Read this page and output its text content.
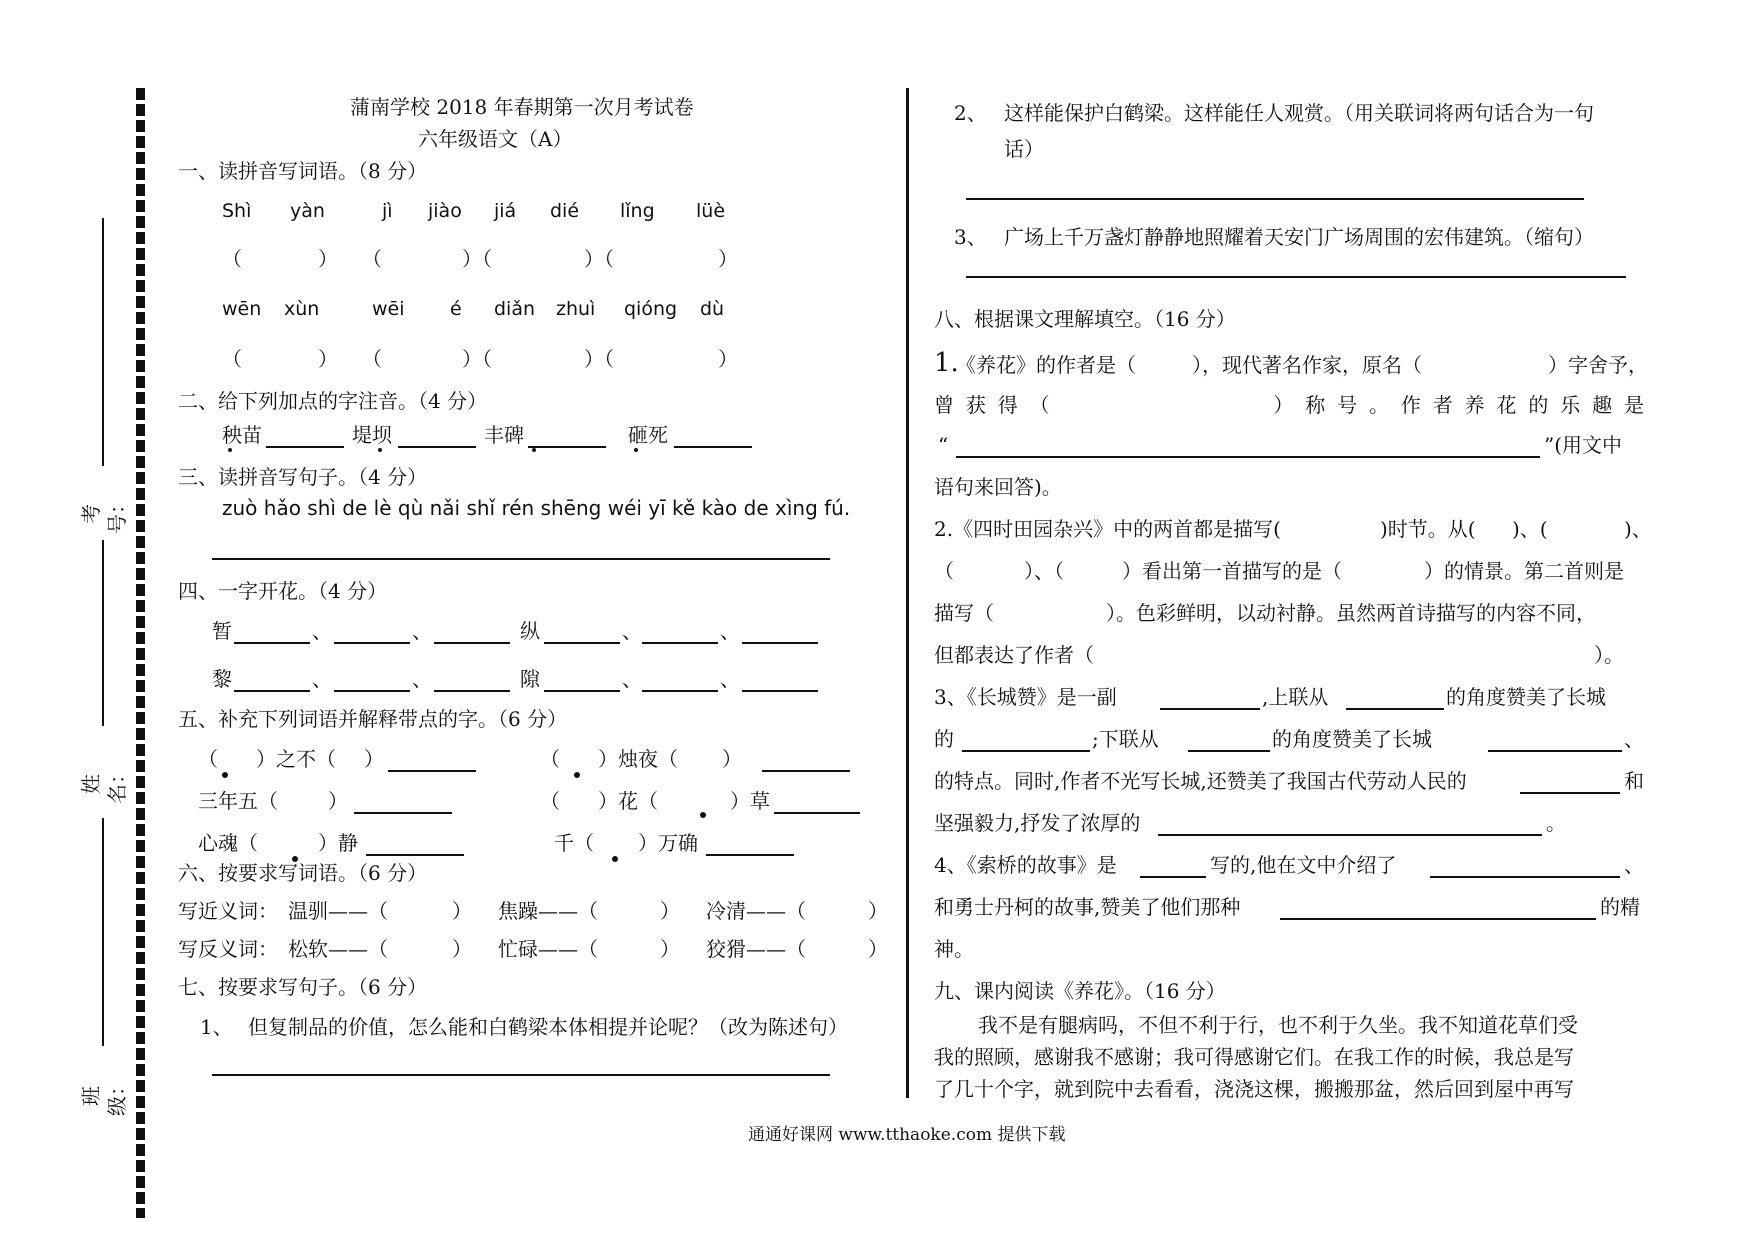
考号：
姓名：
班级：
蒲南学校 2018 年春期第一次月考试卷
六年级语文（A）
一、读拼音写词语。（8 分）
Shì yàn	jì jiào jiá dié lǐng lüè
（	） （	）（	）（	）
wēn xùn	wēi é diǎn zhuì qióng dù
（	） （	）（	）（	）
二、给下列加点的字注音。（4 分）
秧苗	堤坝	丰碑	砸死
三、读拼音写句子。（4 分）
zuò hǎo shì de lè qù nǎi shǐ rén shēng wéi yī kě kào de xìng fú.
四、一字开花。（4 分）
暂	、	、	纵	、	、
黎	、	、	隙	、	、
五、补充下列词语并解释带点的字。（6 分）
（ ）之不（ ）	（ ）烛夜（ ）
三年五（	）	（ ）花（	）草
心魂（	）静	千（ ）万确
六、按要求写词语。（6 分）
写近义词： 温驯——（	） 焦躁——（	） 冷清——（	）
写反义词： 松软——（	） 忙碌——（	） 狡猾——（	）
七、按要求写句子。（6 分）
1、 但复制品的价值，怎么能和白鹤梁本体相提并论呢？（改为陈述句）
2、 这样能保护白鹤梁。这样能任人观赏。（用关联词将两句话合为一句
话）
3、 广场上千万盏灯静静地照耀着天安门广场周围的宏伟建筑。（缩句）
八、根据课文理解填空。（16 分）
1.
《养花》的作者是（	），现代著名作家，原名（	）字舍予，
曾 获 得 （	） 称 号 。 作 者 养 花 的 乐 趣 是
“	”(用文中
语句来回答)。
2.《四时田园杂兴》中的两首都是描写(	)时节。从( )、(	)、
（	）、（	）看出第一首描写的是（	）的情景。第二首则是
描写（	）。色彩鲜明，以动衬静。虽然两首诗描写的内容不同，
但都表达了作者（	）。
3、《长城赞》是一副	,上联从	的角度赞美了长城
的	;下联从	的角度赞美了长城	、
的特点。同时,作者不光写长城,还赞美了我国古代劳动人民的	和
坚强毅力,抒发了浓厚的	。
4、《索桥的故事》是	写的,他在文中介绍了	、
和勇士丹柯的故事,赞美了他们那种	的精
神。
九、课内阅读《养花》。（16 分）
我不是有腿病吗，不但不利于行，也不利于久坐。我不知道花草们受
我的照顾，感谢我不感谢；我可得感谢它们。在我工作的时候，我总是写
了几十个字，就到院中去看看，浇浇这棵，搬搬那盆，然后回到屋中再写
通通好课网 www.tthaoke.com 提供下载
